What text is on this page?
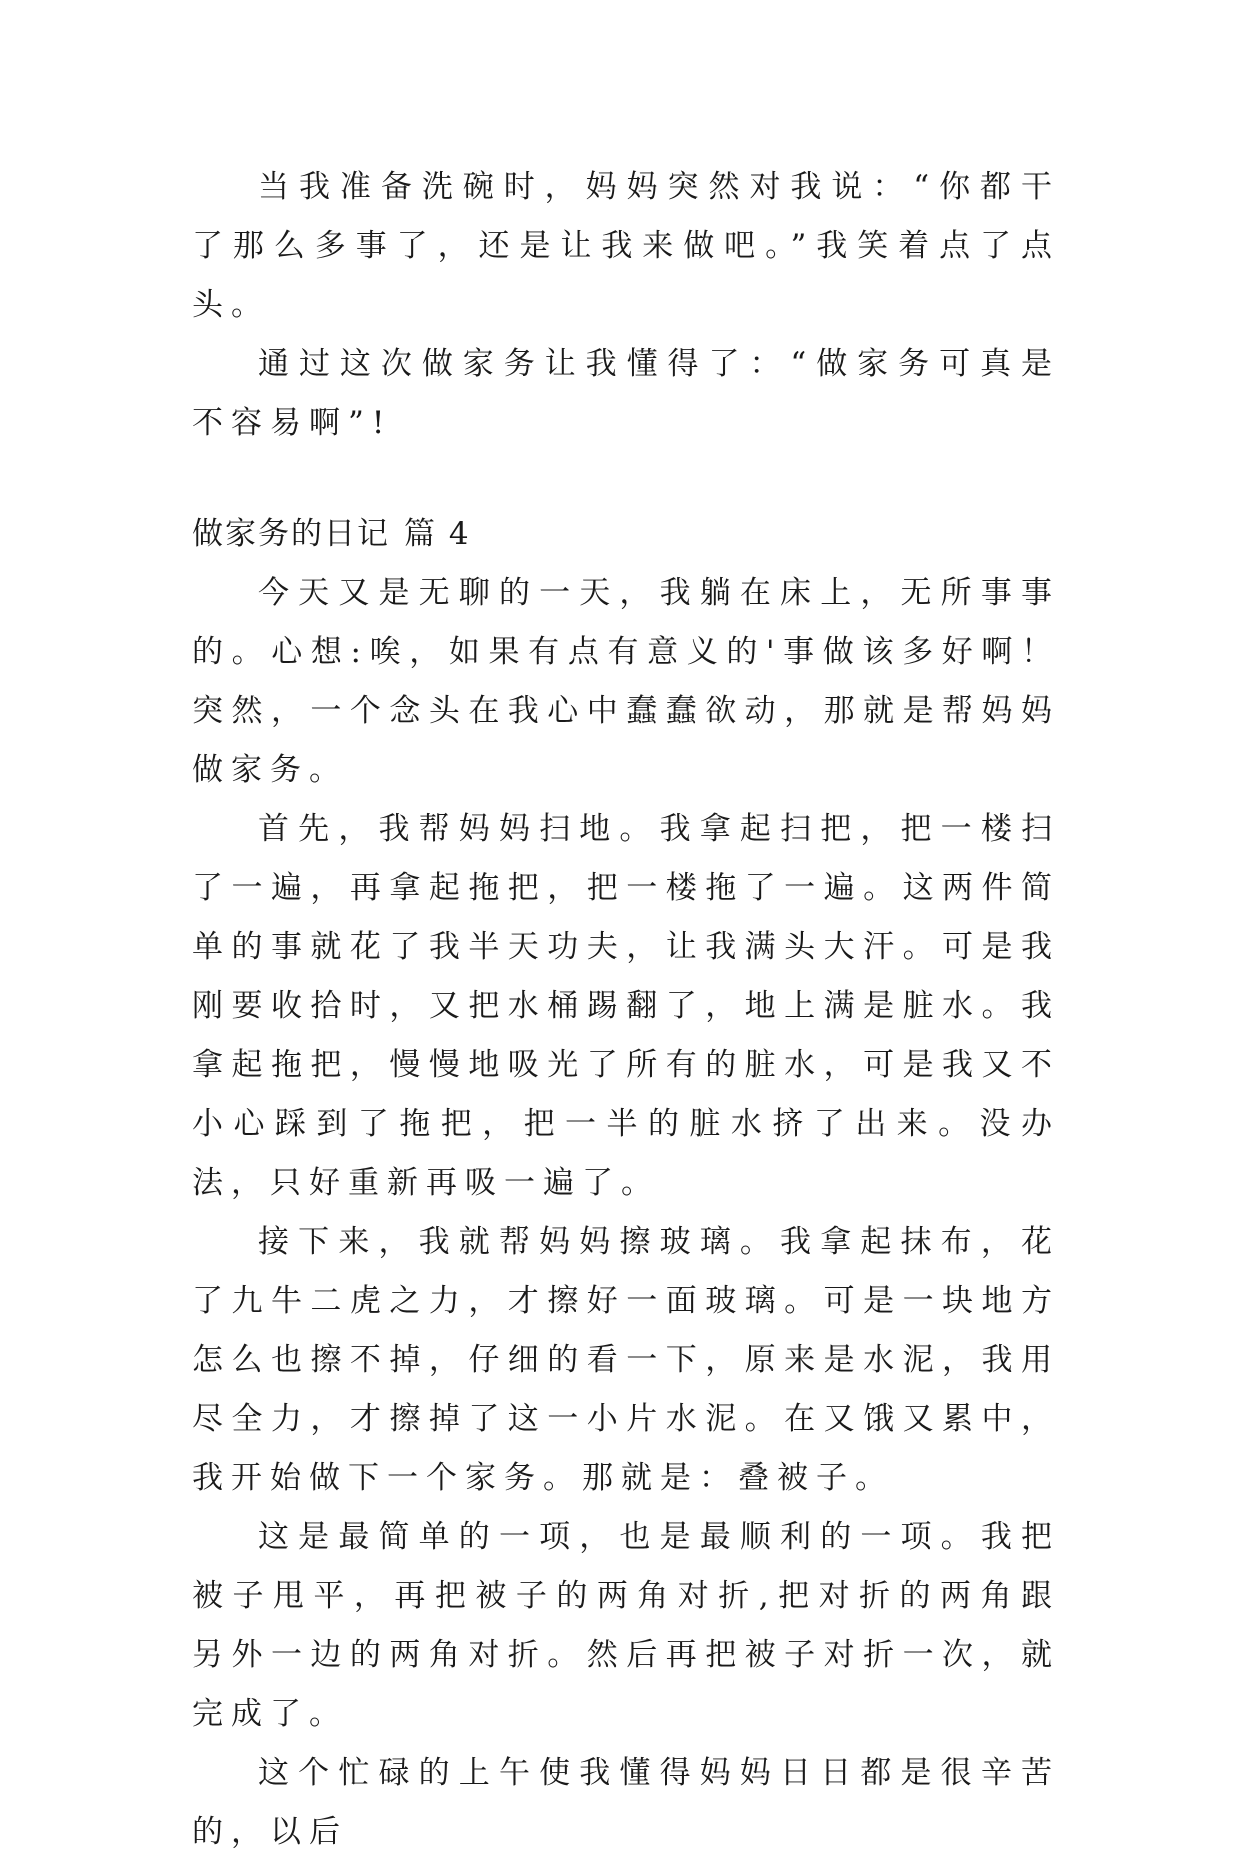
当我准备洗碗时，妈妈突然对我说：“你都干了那么多事了，还是让我来做吧。”我笑着点了点头。

通过这次做家务让我懂得了：“做家务可真是不容易啊”!

做家务的日记 篇 4

今天又是无聊的一天，我躺在床上，无所事事的。心想:唉，如果有点有意义的'事做该多好啊！突然，一个念头在我心中蠢蠢欲动，那就是帮妈妈做家务。

首先，我帮妈妈扫地。我拿起扫把，把一楼扫了一遍，再拿起拖把，把一楼拖了一遍。这两件简单的事就花了我半天功夫，让我满头大汗。可是我刚要收拾时，又把水桶踢翻了，地上满是脏水。我拿起拖把，慢慢地吸光了所有的脏水，可是我又不小心踩到了拖把，把一半的脏水挤了出来。没办法，只好重新再吸一遍了。

接下来，我就帮妈妈擦玻璃。我拿起抹布，花了九牛二虎之力，才擦好一面玻璃。可是一块地方怎么也擦不掉，仔细的看一下，原来是水泥，我用尽全力，才擦掉了这一小片水泥。在又饿又累中，我开始做下一个家务。那就是：叠被子。

这是最简单的一项，也是最顺利的一项。我把被子甩平，再把被子的两角对折,把对折的两角跟另外一边的两角对折。然后再把被子对折一次，就完成了。

这个忙碌的上午使我懂得妈妈日日都是很辛苦的，以后
